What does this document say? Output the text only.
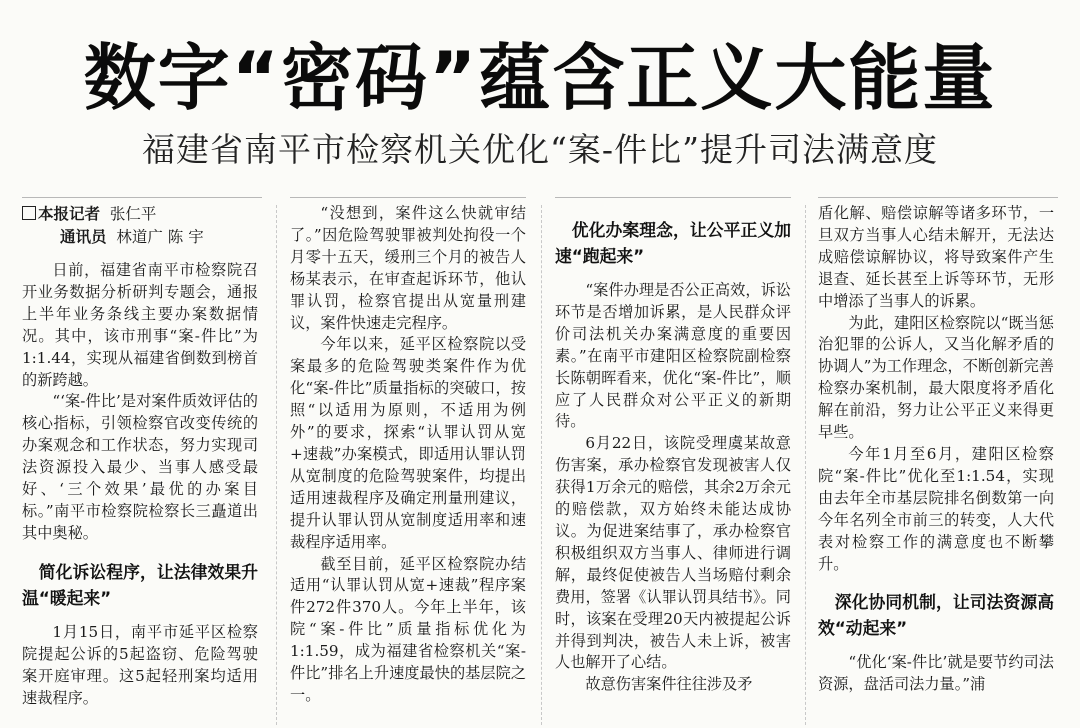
数字“密码”蕴含正义大能量
福建省南平市检察机关优化“案-件比”提升司法满意度
本报记者 张仁平
通讯员 林道广 陈 宇

日前，福建省南平市检察院召开业务数据分析研判专题会，通报上半年业务条线主要办案数据情况。其中，该市刑事“案-件比”为1:1.44，实现从福建省倒数到榜首的新跨越。

“‘案-件比’是对案件质效评估的核心指标，引领检察官改变传统的办案观念和工作状态，努力实现司法资源投入最少、当事人感受最好、‘三个效果’最优的办案目标。”南平市检察院检察长三矗道出其中奥秘。

简化诉讼程序，让法律效果升温“暖起来”

1月15日，南平市延平区检察院提起公诉的5起盗窃、危险驾驶案开庭审理。这5起轻刑案均适用速裁程序。

“没想到，案件这么快就审结了。”因危险驾驶罪被判处拘役一个月零十五天，缓刑三个月的被告人杨某表示，在审查起诉环节，他认罪认罚，检察官提出从宽量刑建议，案件快速走完程序。

今年以来，延平区检察院以受案最多的危险驾驶类案件作为优化“案-件比”质量指标的突破口，按照“以适用为原则，不适用为例外”的要求，探索“认罪认罚从宽+速裁”办案模式，即适用认罪认罚从宽制度的危险驾驶案件，均提出适用速裁程序及确定刑量刑建议，提升认罪认罚从宽制度适用率和速裁程序适用率。

截至目前，延平区检察院办结适用“认罪认罚从宽+速裁”程序案件272件370人。今年上半年，该院“案-件比”质量指标优化为1:1.59，成为福建省检察机关“案-件比”排名上升速度最快的基层院之一。

优化办案理念，让公平正义加速“跑起来”

“案件办理是否公正高效，诉讼环节是否增加诉累，是人民群众评价司法机关办案满意度的重要因素。”在南平市建阳区检察院副检察长陈朝晖看来，优化“案-件比”，顺应了人民群众对公平正义的新期待。

6月22日，该院受理虞某故意伤害案，承办检察官发现被害人仅获得1万余元的赔偿，其余2万余元的赔偿款，双方始终未能达成协议。为促进案结事了，承办检察官积极组织双方当事人、律师进行调解，最终促使被告人当场赔付剩余费用，签署《认罪认罚具结书》。同时，该案在受理20天内被提起公诉并得到判决，被告人未上诉，被害人也解开了心结。

故意伤害案件往往涉及矛

盾化解、赔偿谅解等诸多环节，一旦双方当事人心结未解开，无法达成赔偿谅解协议，将导致案件产生退查、延长甚至上诉等环节，无形中增添了当事人的诉累。

为此，建阳区检察院以“既当惩治犯罪的公诉人，又当化解矛盾的协调人”为工作理念，不断创新完善检察办案机制，最大限度将矛盾化解在前沿，努力让公平正义来得更早些。

今年1月至6月，建阳区检察院“案-件比”优化至1:1.54，实现由去年全市基层院排名倒数第一向今年名列全市前三的转变，人大代表对检察工作的满意度也不断攀升。

深化协同机制，让司法资源高效“动起来”

“优化‘案-件比’就是要节约司法资源，盘活司法力量。”浦
